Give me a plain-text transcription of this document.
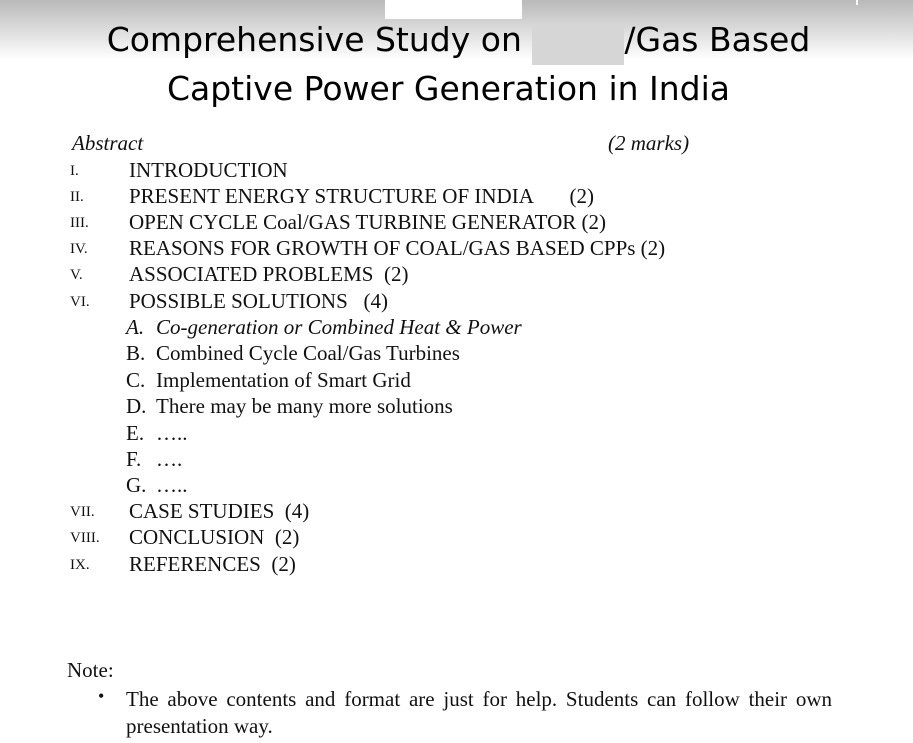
Comprehensive Study on	/Gas Based
Captive Power Generation in India
Abstract	(2 marks)
I. INTRODUCTION
II. PRESENT ENERGY STRUCTURE OF INDIA       (2)
III. OPEN CYCLE Coal/GAS TURBINE GENERATOR (2)
IV. REASONS FOR GROWTH OF COAL/GAS BASED CPPs (2)
V. ASSOCIATED PROBLEMS  (2)
VI. POSSIBLE SOLUTIONS   (4)
A. Co-generation or Combined Heat & Power
B. Combined Cycle Coal/Gas Turbines
C. Implementation of Smart Grid
D. There may be many more solutions
E. …..
F. ….
G. …..
VII. CASE STUDIES  (4)
VIII. CONCLUSION  (2)
IX. REFERENCES  (2)
Note:
• The above contents and format are just for help. Students can follow their own presentation way.
